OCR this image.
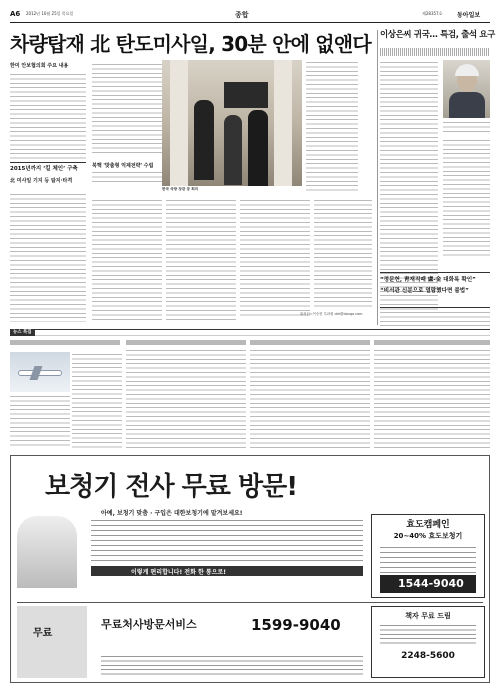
A6 2012년 10월 25일 목요일	종합	제28357호 동아일보
차량탑재 北 탄도미사일, 30분 안에 없앤다
한미 안보협의회 주요 내용
2015년까지 ‘킬 체인’ 구축
北 미사일 기지 등 탐지·타격
북핵 '맞춤형 억제전략' 수립
한국 국방 장관 등 회의
워싱턴=이승헌 특파원 ddr@donga.com
이상은씨 귀국… 특검, 출석 요구
“정문헌, 靑재직때 盧-金 대화록 확인”
“비서관 신분으로 열람했다면 불법”
뉴스 특집
보청기 전사 무료 방문!
아예, 보청기 맞춤 · 구입은 대한보청기에 맡겨보세요!
이렇게 편리합니다! 전화 한 통으로!
효도캠페인
20~40% 효도보청기
1544-9040
무료
무료처사방문서비스	1599-9040	책자 무료 드림
2248-5600
